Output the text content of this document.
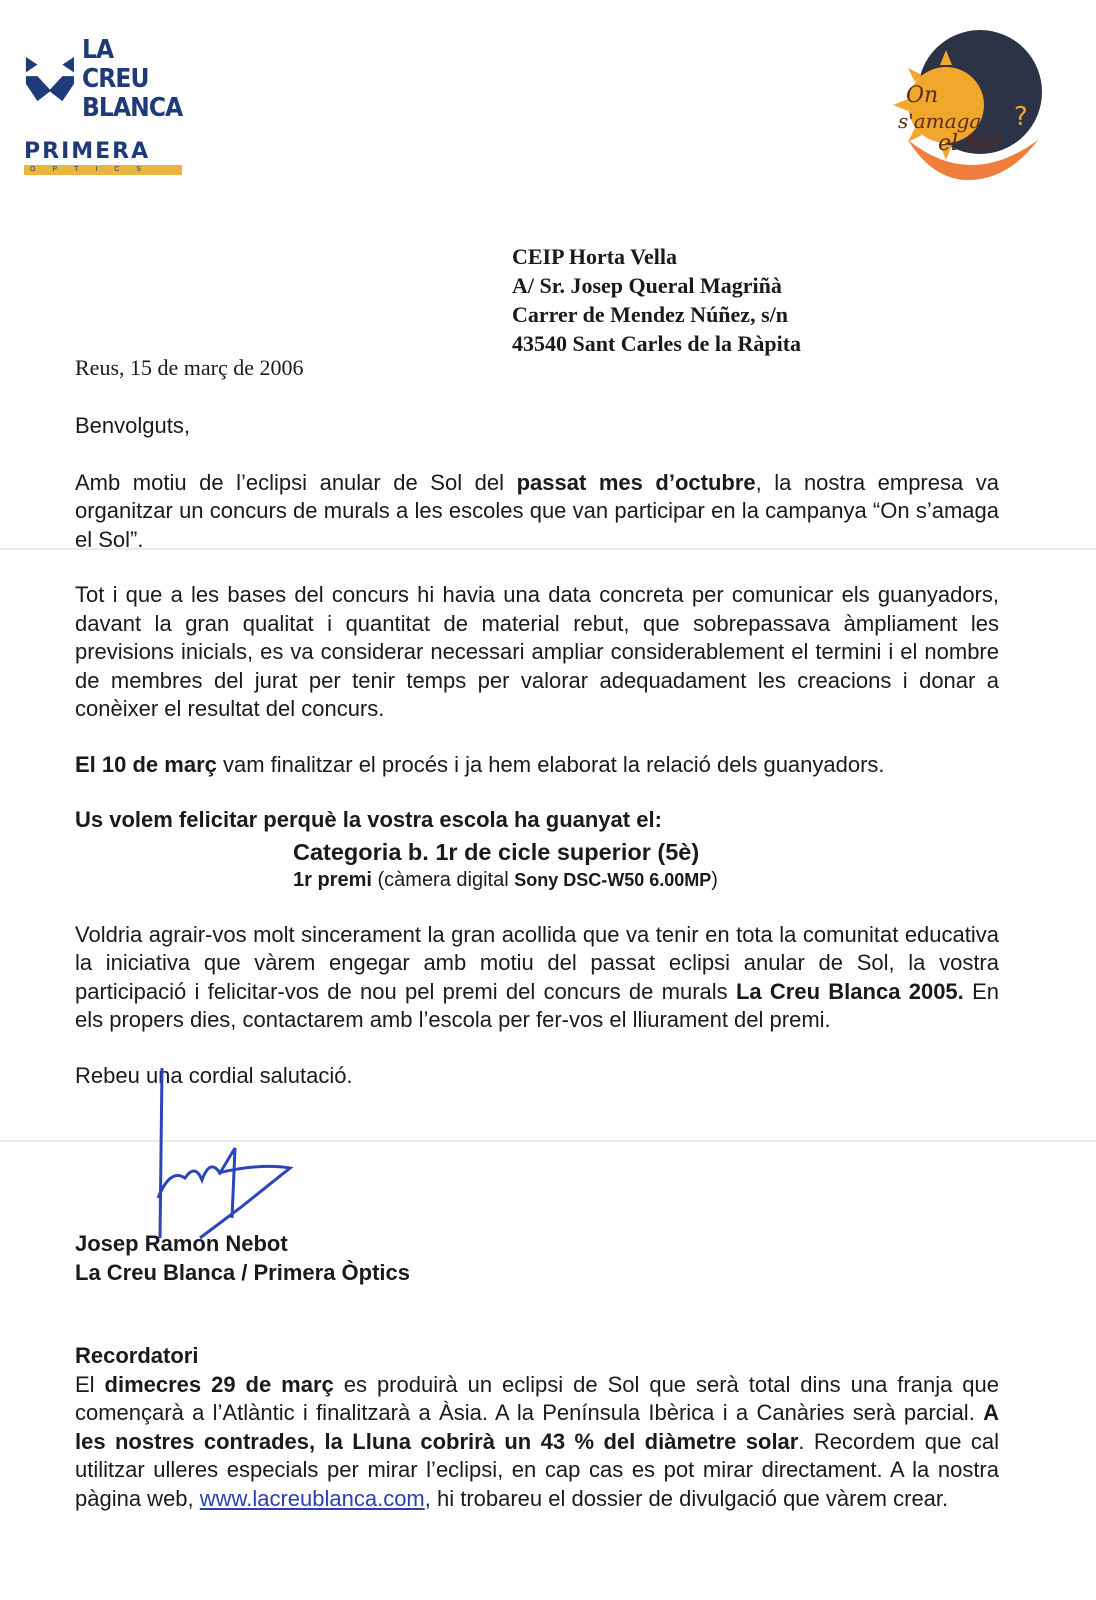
LA CREU
BLANCA
PRIMERA
OPTICS
On
s'amaga
el Sol
?
CEIP Horta Vella
A/ Sr. Josep Queral Magriñà
Carrer de Mendez Núñez, s/n
43540 Sant Carles de la Ràpita
Reus, 15 de març de 2006

Benvolguts,

Amb motiu de l’eclipsi anular de Sol del passat mes d’octubre, la nostra empresa va organitzar un concurs de murals a les escoles que van participar en la campanya “On s’amaga el Sol”.

Tot i que a les bases del concurs hi havia una data concreta per comunicar els guanyadors, davant la gran qualitat i quantitat de material rebut, que sobrepassava àmpliament les previsions inicials, es va considerar necessari ampliar considerablement el termini i el nombre de membres del jurat per tenir temps per valorar adequadament les creacions i donar a conèixer el resultat del concurs.

El 10 de març vam finalitzar el procés i ja hem elaborat la relació dels guanyadors.

Us volem felicitar perquè la vostra escola ha guanyat el:

Categoria b. 1r de cicle superior (5è)

1r premi (càmera digital Sony DSC-W50 6.00MP)

Voldria agrair-vos molt sincerament la gran acollida que va tenir en tota la comunitat educativa la iniciativa que vàrem engegar amb motiu del passat eclipsi anular de Sol, la vostra participació i felicitar-vos de nou pel premi del concurs de murals La Creu Blanca 2005. En els propers dies, contactarem amb l’escola per fer-vos el lliurament del premi.

Rebeu una cordial salutació.

Josep Ramon Nebot
La Creu Blanca / Primera Òptics

Recordatori

El dimecres 29 de març es produirà un eclipsi de Sol que serà total dins una franja que començarà a l’Atlàntic i finalitzarà a Àsia. A la Península Ibèrica i a Canàries serà parcial. A les nostres contrades, la Lluna cobrirà un 43 % del diàmetre solar. Recordem que cal utilitzar ulleres especials per mirar l’eclipsi, en cap cas es pot mirar directament. A la nostra pàgina web, www.lacreublanca.com, hi trobareu el dossier de divulgació que vàrem crear.
